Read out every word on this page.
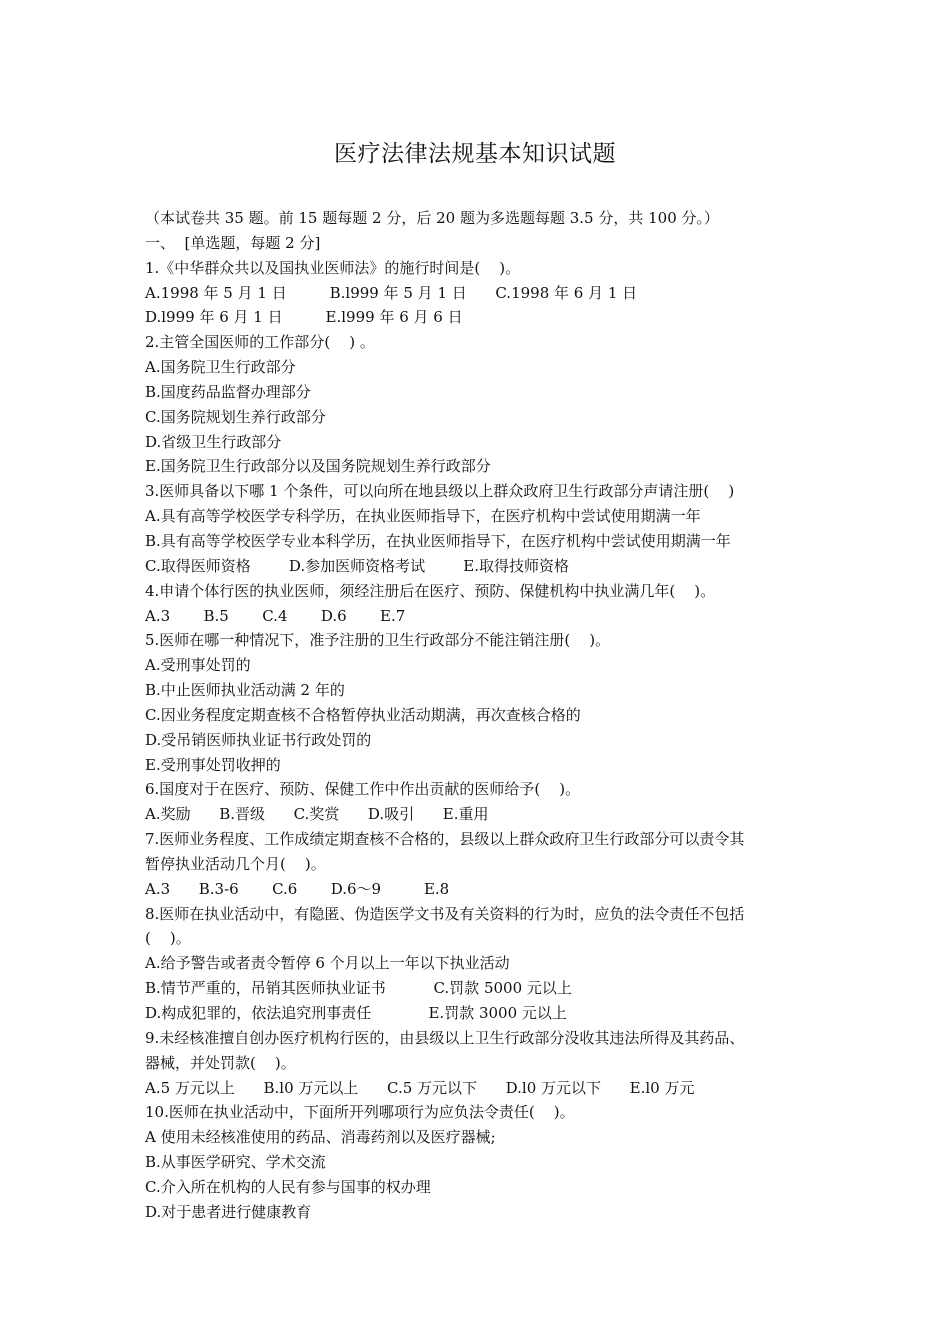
医疗法律法规基本知识试题
（本试卷共 35 题。前 15 题每题 2 分，后 20 题为多选题每题 3.5 分，共 100 分。）
一、  [单选题，每题 2 分]
1.《中华群众共以及国执业医师法》的施行时间是(    )。
A.1998 年 5 月 1 日         B.l999 年 5 月 1 日      C.1998 年 6 月 1 日
D.l999 年 6 月 1 日         E.l999 年 6 月 6 日
2.主管全国医师的工作部分(    ) 。
A.国务院卫生行政部分
B.国度药品监督办理部分
C.国务院规划生养行政部分
D.省级卫生行政部分
E.国务院卫生行政部分以及国务院规划生养行政部分
3.医师具备以下哪 1 个条件，可以向所在地县级以上群众政府卫生行政部分声请注册(    )
A.具有高等学校医学专科学历，在执业医师指导下，在医疗机构中尝试使用期满一年
B.具有高等学校医学专业本科学历，在执业医师指导下，在医疗机构中尝试使用期满一年
C.取得医师资格        D.参加医师资格考试        E.取得技师资格
4.申请个体行医的执业医师，须经注册后在医疗、预防、保健机构中执业满几年(    )。
A.3       B.5       C.4       D.6       E.7
5.医师在哪一种情况下，准予注册的卫生行政部分不能注销注册(    )。
A.受刑事处罚的
B.中止医师执业活动满 2 年的
C.因业务程度定期查核不合格暂停执业活动期满，再次查核合格的
D.受吊销医师执业证书行政处罚的
E.受刑事处罚收押的
6.国度对于在医疗、预防、保健工作中作出贡献的医师给予(    )。
A.奖励      B.晋级      C.奖赏      D.吸引      E.重用
7.医师业务程度、工作成绩定期查核不合格的，县级以上群众政府卫生行政部分可以责令其
暂停执业活动几个月(    )。
A.3      B.3-6       C.6       D.6～9         E.8
8.医师在执业活动中，有隐匿、伪造医学文书及有关资料的行为时，应负的法令责任不包括
(    )。
A.给予警告或者责令暂停 6 个月以上一年以下执业活动
B.情节严重的，吊销其医师执业证书          C.罚款 5000 元以上
D.构成犯罪的，依法追究刑事责任            E.罚款 3000 元以上
9.未经核准擅自创办医疗机构行医的，由县级以上卫生行政部分没收其违法所得及其药品、
器械，并处罚款(    )。
A.5 万元以上      B.l0 万元以上      C.5 万元以下      D.l0 万元以下      E.l0 万元
10.医师在执业活动中，下面所开列哪项行为应负法令责任(    )。
A 使用未经核准使用的药品、消毒药剂以及医疗器械;
B.从事医学研究、学术交流
C.介入所在机构的人民有参与国事的权办理
D.对于患者进行健康教育
